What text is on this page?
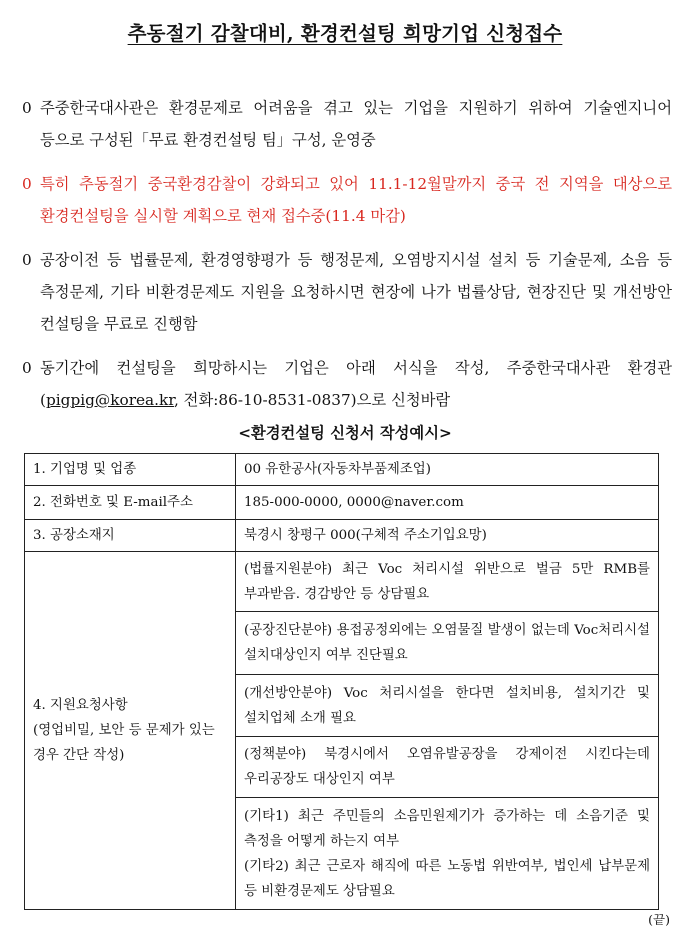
추동절기 감찰대비, 환경컨설팅 희망기업 신청접수
0 주중한국대사관은 환경문제로 어려움을 겪고 있는 기업을 지원하기 위하여 기술엔지니어 등으로 구성된「무료 환경컨설팅 팀」구성, 운영중
0 특히 추동절기 중국환경감찰이 강화되고 있어 11.1-12월말까지 중국 전 지역을 대상으로 환경컨설팅을 실시할 계획으로 현재 접수중(11.4 마감)
0 공장이전 등 법률문제, 환경영향평가 등 행정문제, 오염방지시설 설치 등 기술문제, 소음 등 측정문제, 기타 비환경문제도 지원을 요청하시면 현장에 나가 법률상담, 현장진단 및 개선방안 컨설팅을 무료로 진행함
0 동기간에 컨설팅을 희망하시는 기업은 아래 서식을 작성, 주중한국대사관 환경관(pigpig@korea.kr, 전화:86-10-8531-0837)으로 신청바람
<환경컨설팅 신청서 작성예시>
1. 기업명 및 업종	00 유한공사(자동차부품제조업)
2. 전화번호 및 E-mail주소	185-000-0000, 0000@naver.com
3. 공장소재지	북경시 창평구 000(구체적 주소기입요망)

4. 지원요청사항
(영업비밀, 보안 등 문제가 있는 경우 간단 작성)	(법률지원분야) 최근 Voc 처리시설 위반으로 벌금 5만 RMB를 부과받음. 경감방안 등 상담필요
	(공장진단분야) 용접공정외에는 오염물질 발생이 없는데 Voc처리시설 설치대상인지 여부 진단필요
	(개선방안분야) Voc 처리시설을 한다면 설치비용, 설치기간 및 설치업체 소개 필요
	(정책분야) 북경시에서 오염유발공장을 강제이전 시킨다는데 우리공장도 대상인지 여부

	(기타1) 최근 주민들의 소음민원제기가 증가하는 데 소음기준 및 측정을 어떻게 하는지 여부
(기타2) 최근 근로자 해직에 따른 노동법 위반여부, 법인세 납부문제 등 비환경문제도 상담필요
(끝)
